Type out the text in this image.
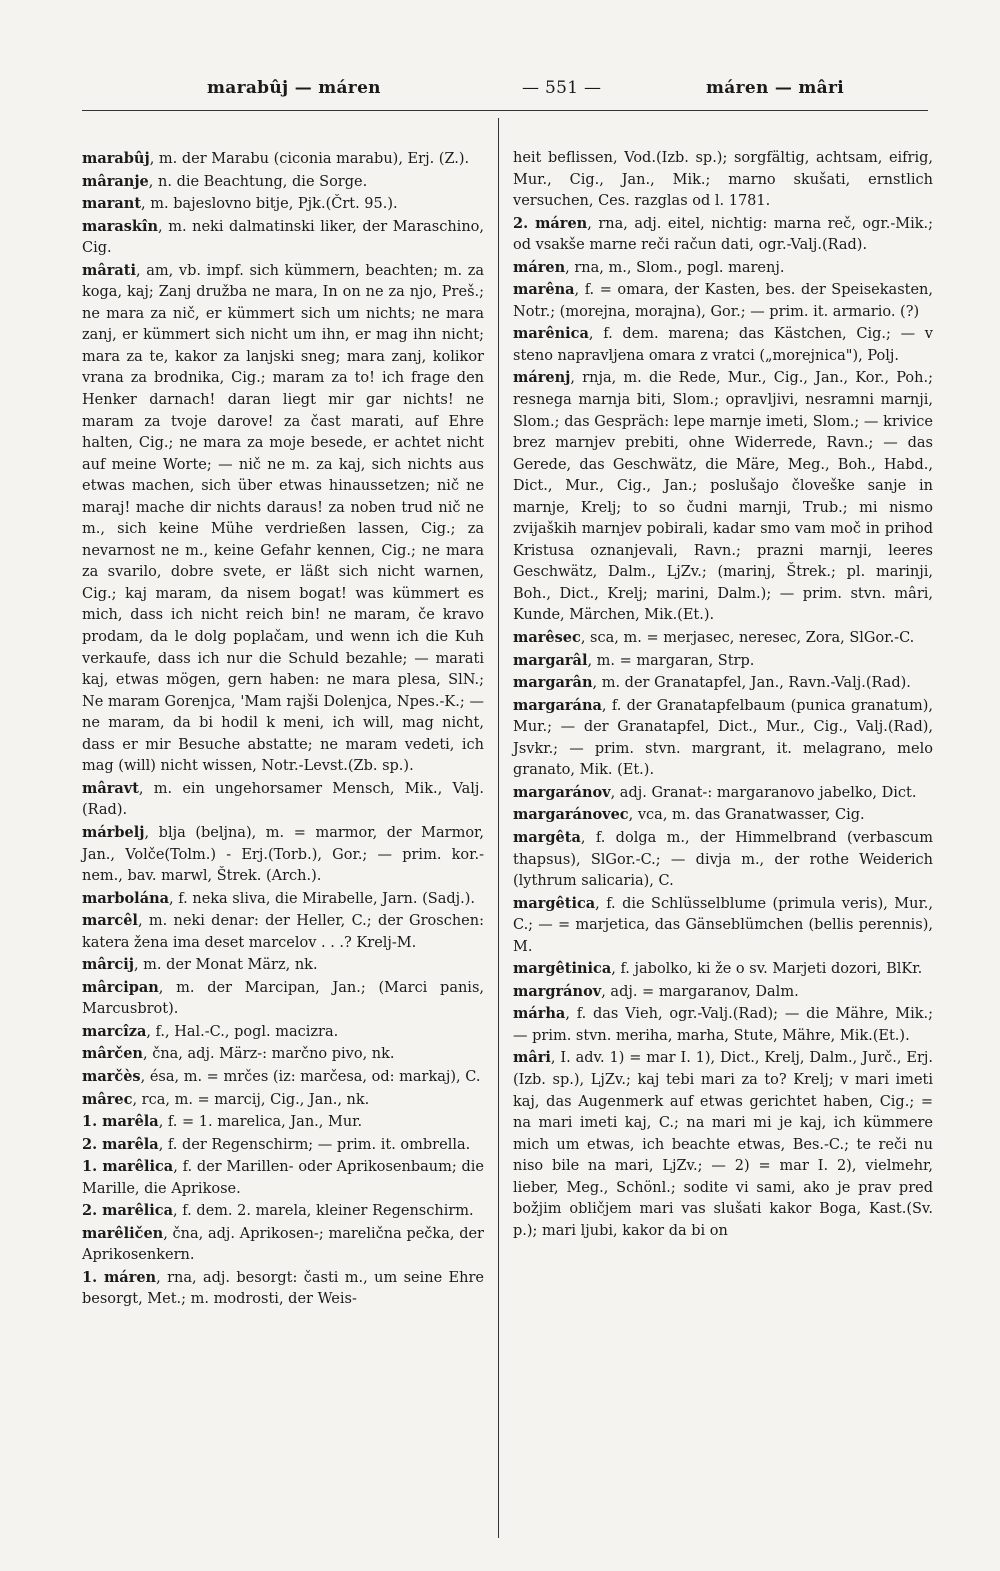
marabûj — máren	— 551 —	máren — mâri

marabûj, m. der Marabu (ciconia marabu), Erj. (Z.).

mâranje, n. die Beachtung, die Sorge.

marant, m. bajeslovno bitje, Pjk.(Črt. 95.).

maraskîn, m. neki dalmatinski liker, der Maraschino, Cig.

mârati, am, vb. impf. sich kümmern, beachten; m. za koga, kaj; Zanj družba ne mara, In on ne za njo, Preš.; ne mara za nič, er kümmert sich um nichts; ne mara zanj, er kümmert sich nicht um ihn, er mag ihn nicht; mara za te, kakor za lanjski sneg; mara zanj, kolikor vrana za brodnika, Cig.; maram za to! ich frage den Henker darnach! daran liegt mir gar nichts! ne maram za tvoje darove! za čast marati, auf Ehre halten, Cig.; ne mara za moje besede, er achtet nicht auf meine Worte; — nič ne m. za kaj, sich nichts aus etwas machen, sich über etwas hinaussetzen; nič ne maraj! mache dir nichts daraus! za noben trud nič ne m., sich keine Mühe verdrießen lassen, Cig.; za nevarnost ne m., keine Gefahr kennen, Cig.; ne mara za svarilo, dobre svete, er läßt sich nicht warnen, Cig.; kaj maram, da nisem bogat! was kümmert es mich, dass ich nicht reich bin! ne maram, če kravo prodam, da le dolg poplačam, und wenn ich die Kuh verkaufe, dass ich nur die Schuld bezahle; — marati kaj, etwas mögen, gern haben: ne mara plesa, SlN.; Ne maram Gorenjca, 'Mam rajši Dolenjca, Npes.-K.; — ne maram, da bi hodil k meni, ich will, mag nicht, dass er mir Besuche abstatte; ne maram vedeti, ich mag (will) nicht wissen, Notr.-Levst.(Zb. sp.).

mâravt, m. ein ungehorsamer Mensch, Mik., Valj.(Rad).

márbelj, blja (beljna), m. = marmor, der Marmor, Jan., Volče(Tolm.) - Erj.(Torb.), Gor.; — prim. kor.-nem., bav. marwl, Štrek. (Arch.).

marbolána, f. neka sliva, die Mirabelle, Jarn. (Sadj.).

marcêl, m. neki denar: der Heller, C.; der Groschen: katera žena ima deset marcelov . . .? Krelj-M.

mârcij, m. der Monat März, nk.

mârcipan, m. der Marcipan, Jan.; (Marci panis, Marcusbrot).

marcîza, f., Hal.-C., pogl. macizra.

mârčen, čna, adj. März-: marčno pivo, nk.

marčès, ésa, m. = mrčes (iz: marčesa, od: markaj), C.

mârec, rca, m. = marcij, Cig., Jan., nk.

1. marêla, f. = 1. marelica, Jan., Mur.

2. marêla, f. der Regenschirm; — prim. it. ombrella.

1. marêlica, f. der Marillen- oder Aprikosenbaum; die Marille, die Aprikose.

2. marêlica, f. dem. 2. marela, kleiner Regenschirm.

marêličen, čna, adj. Aprikosen-; marelična pečka, der Aprikosenkern.

1. máren, rna, adj. besorgt: časti m., um seine Ehre besorgt, Met.; m. modrosti, der Weis-

heit beflissen, Vod.(Izb. sp.); sorgfältig, achtsam, eifrig, Mur., Cig., Jan., Mik.; marno skušati, ernstlich versuchen, Ces. razglas od l. 1781.

2. máren, rna, adj. eitel, nichtig: marna reč, ogr.-Mik.; od vsakše marne reči račun dati, ogr.-Valj.(Rad).

máren, rna, m., Slom., pogl. marenj.

marêna, f. = omara, der Kasten, bes. der Speisekasten, Notr.; (morejna, morajna), Gor.; — prim. it. armario. (?)

marênica, f. dem. marena; das Kästchen, Cig.; — v steno napravljena omara z vratci („morejnica"), Polj.

márenj, rnja, m. die Rede, Mur., Cig., Jan., Kor., Poh.; resnega marnja biti, Slom.; opravljivi, nesramni marnji, Slom.; das Gespräch: lepe marnje imeti, Slom.; — krivice brez marnjev prebiti, ohne Widerrede, Ravn.; — das Gerede, das Geschwätz, die Märe, Meg., Boh., Habd., Dict., Mur., Cig., Jan.; poslušajo človeške sanje in marnje, Krelj; to so čudni marnji, Trub.; mi nismo zvijaških marnjev pobirali, kadar smo vam moč in prihod Kristusa oznanjevali, Ravn.; prazni marnji, leeres Geschwätz, Dalm., LjZv.; (marinj, Štrek.; pl. marinji, Boh., Dict., Krelj; marini, Dalm.); — prim. stvn. mâri, Kunde, Märchen, Mik.(Et.).

marêsec, sca, m. = merjasec, neresec, Zora, SlGor.-C.

margarâl, m. = margaran, Strp.

margarân, m. der Granatapfel, Jan., Ravn.-Valj.(Rad).

margarána, f. der Granatapfelbaum (punica granatum), Mur.; — der Granatapfel, Dict., Mur., Cig., Valj.(Rad), Jsvkr.; — prim. stvn. margrant, it. melagrano, melo granato, Mik. (Et.).

margaránov, adj. Granat-: margaranovo jabelko, Dict.

margaránovec, vca, m. das Granatwasser, Cig.

margêta, f. dolga m., der Himmelbrand (verbascum thapsus), SlGor.-C.; — divja m., der rothe Weiderich (lythrum salicaria), C.

margêtica, f. die Schlüsselblume (primula veris), Mur., C.; — = marjetica, das Gänseblümchen (bellis perennis), M.

margêtinica, f. jabolko, ki že o sv. Marjeti dozori, BlKr.

margránov, adj. = margaranov, Dalm.

márha, f. das Vieh, ogr.-Valj.(Rad); — die Mähre, Mik.; — prim. stvn. meriha, marha, Stute, Mähre, Mik.(Et.).

mâri, I. adv. 1) = mar I. 1), Dict., Krelj, Dalm., Jurč., Erj.(Izb. sp.), LjZv.; kaj tebi mari za to? Krelj; v mari imeti kaj, das Augenmerk auf etwas gerichtet haben, Cig.; = na mari imeti kaj, C.; na mari mi je kaj, ich kümmere mich um etwas, ich beachte etwas, Bes.-C.; te reči nu niso bile na mari, LjZv.; — 2) = mar I. 2), vielmehr, lieber, Meg., Schönl.; sodite vi sami, ako je prav pred božjim obličjem mari vas slušati kakor Boga, Kast.(Sv. p.); mari ljubi, kakor da bi on
